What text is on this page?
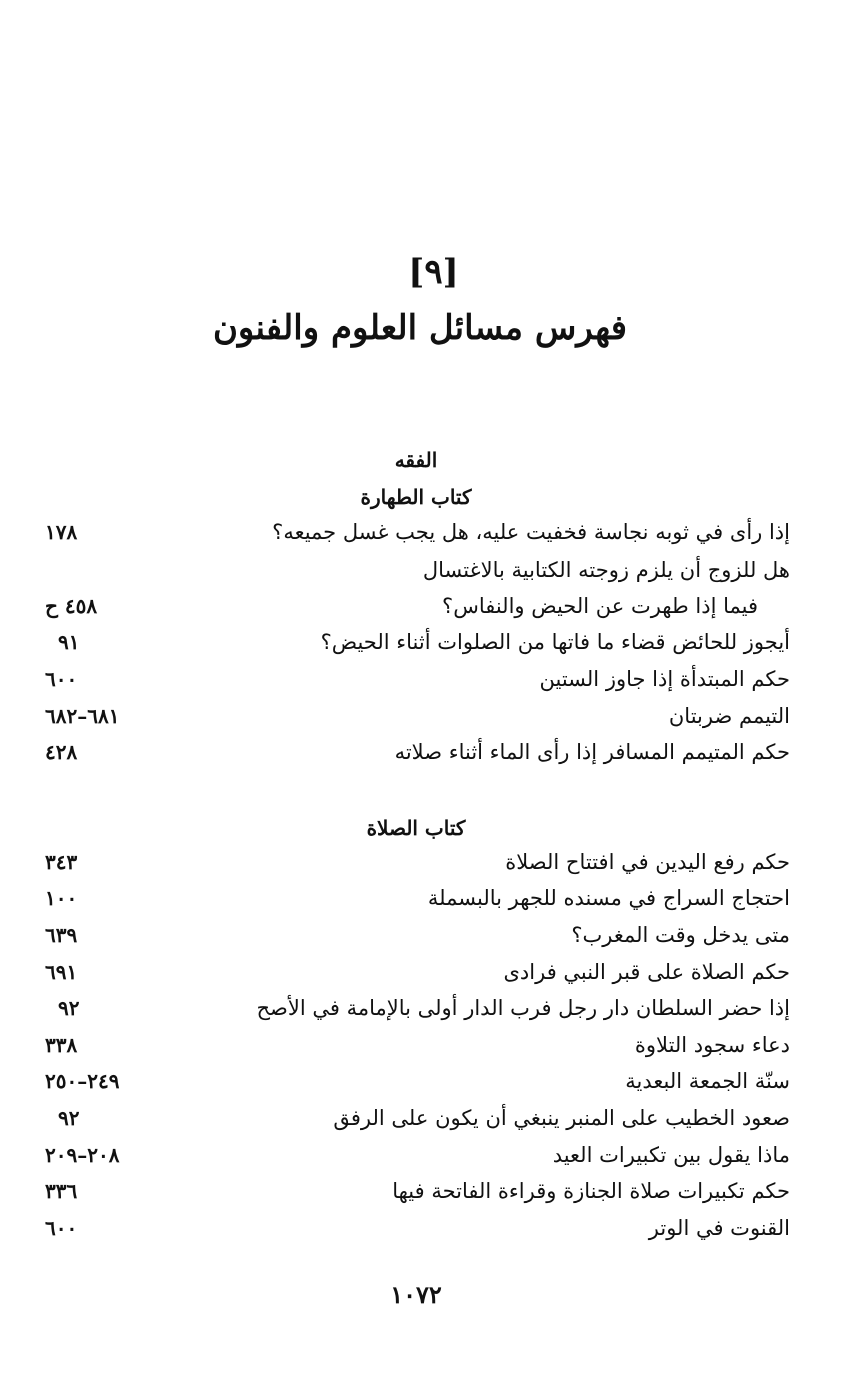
[٩]
فهرس مسائل العلوم والفنون
الفقه
كتاب الطهارة
إذا رأى في ثوبه نجاسة فخفيت عليه، هل يجب غسل جميعه؟
١٧٨
هل للزوج أن يلزم زوجته الكتابية بالاغتسال
فيما إذا طهرت عن الحيض والنفاس؟
٤٥٨ ح
أيجوز للحائض قضاء ما فاتها من الصلوات أثناء الحيض؟
٩١
حكم المبتدأة إذا جاوز الستين
٦٠٠
التيمم ضربتان
٦٨١–٦٨٢
حكم المتيمم المسافر إذا رأى الماء أثناء صلاته
٤٢٨
كتاب الصلاة
حكم رفع اليدين في افتتاح الصلاة
٣٤٣
احتجاج السراج في مسنده للجهر بالبسملة
١٠٠
متى يدخل وقت المغرب؟
٦٣٩
حكم الصلاة على قبر النبي فرادى
٦٩١
إذا حضر السلطان دار رجل فرب الدار أولى بالإمامة في الأصح
٩٢
دعاء سجود التلاوة
٣٣٨
سنّة الجمعة البعدية
٢٤٩–٢٥٠
صعود الخطيب على المنبر ينبغي أن يكون على الرفق
٩٢
ماذا يقول بين تكبيرات العيد
٢٠٨–٢٠٩
حكم تكبيرات صلاة الجنازة وقراءة الفاتحة فيها
٣٣٦
القنوت في الوتر
٦٠٠
١٠٧٢
